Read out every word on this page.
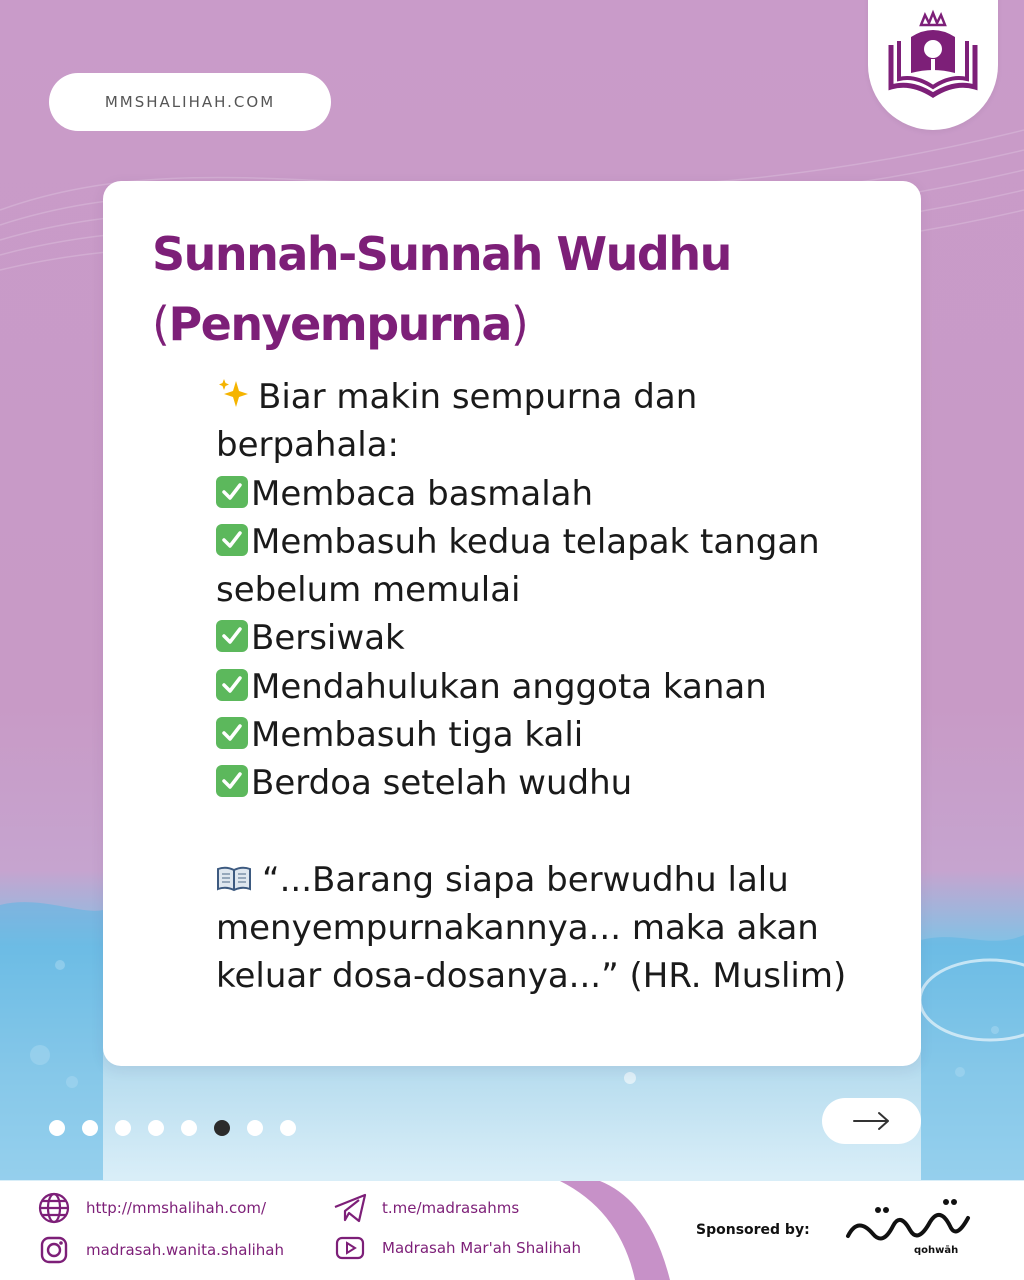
MMSHALIHAH.COM
Sunnah-Sunnah Wudhu
(Penyempurna)
Biar makin sempurna dan
berpahala:
Membaca basmalah
Membasuh kedua telapak tangan
sebelum memulai
Bersiwak
Mendahulukan anggota kanan
Membasuh tiga kali
Berdoa setelah wudhu
“...Barang siapa berwudhu lalu
menyempurnakannya... maka akan
keluar dosa-dosanya...” (HR. Muslim)
http://mmshalihah.com/
madrasah.wanita.shalihah
t.me/madrasahms
Madrasah Mar'ah Shalihah
Sponsored by:
qohwāh
